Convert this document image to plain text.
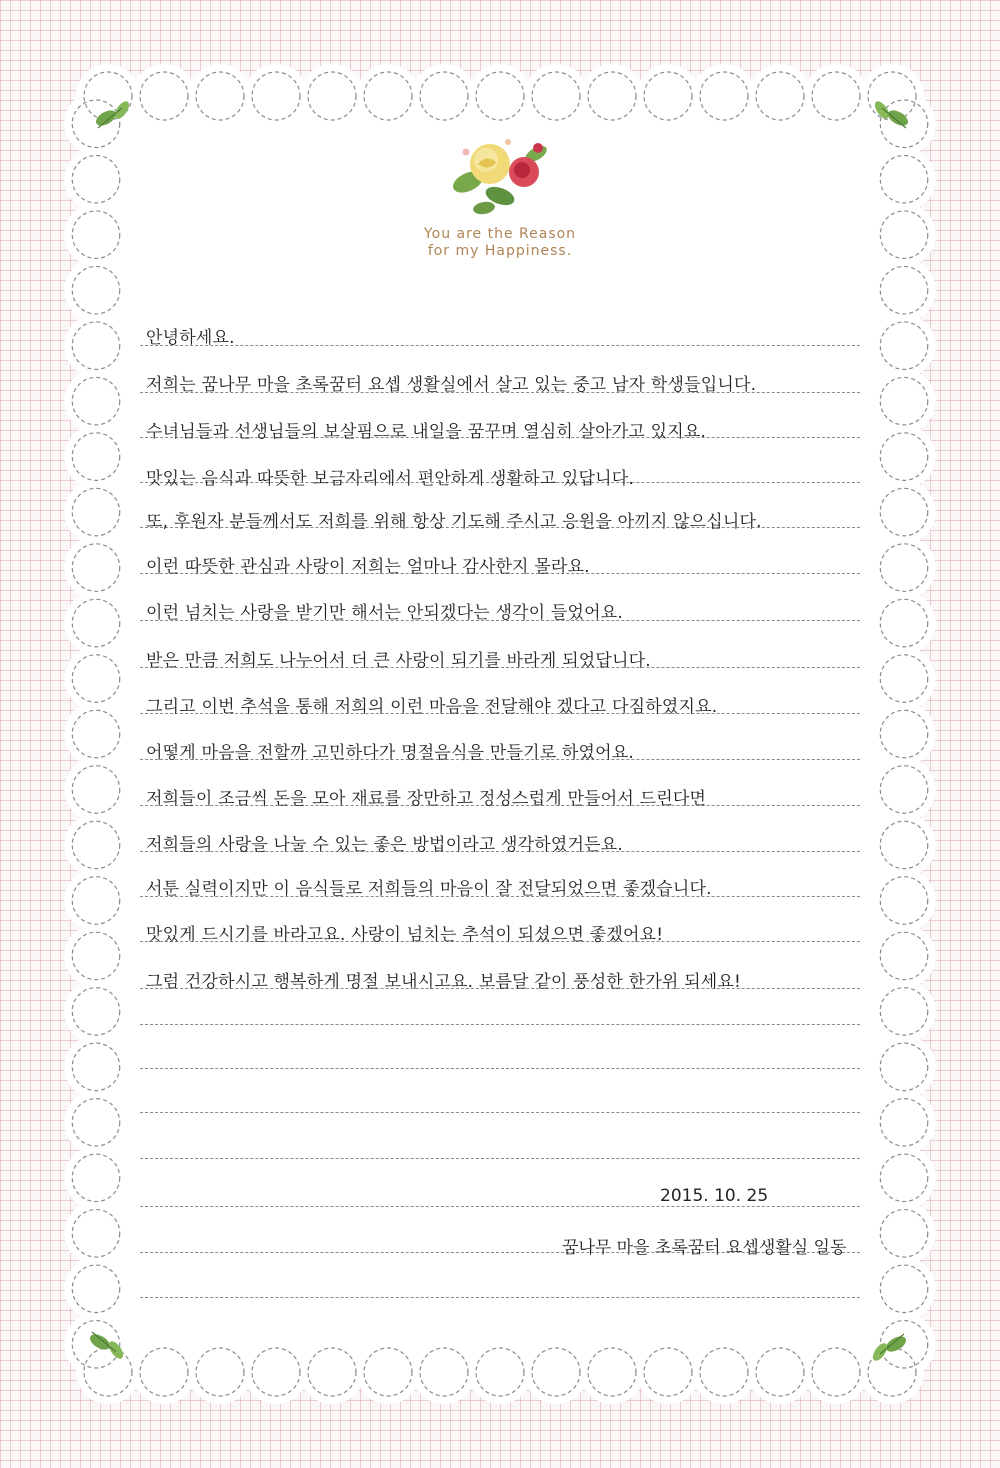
You are the Reason
for my Happiness.
안녕하세요.
저희는 꿈나무 마을 초록꿈터 요셉 생활실에서 살고 있는 중고 남자 학생들입니다.
수녀님들과 선생님들의 보살핌으로 내일을 꿈꾸며 열심히 살아가고 있지요.
맛있는 음식과 따뜻한 보금자리에서 편안하게 생활하고 있답니다.
또, 후원자 분들께서도 저희를 위해 항상 기도해 주시고 응원을 아끼지 않으십니다.
이런 따뜻한 관심과 사랑이 저희는 얼마나 감사한지 몰라요.
이런 넘치는 사랑을 받기만 해서는 안되겠다는 생각이 들었어요.
받은 만큼 저희도 나누어서 더 큰 사랑이 되기를 바라게 되었답니다.
그리고 이번 추석을 통해 저희의 이런 마음을 전달해야 겠다고 다짐하였지요.
어떻게 마음을 전할까 고민하다가 명절음식을 만들기로 하였어요.
저희들이 조금씩 돈을 모아 재료를 장만하고 정성스럽게 만들어서 드린다면
저희들의 사랑을 나눌 수 있는 좋은 방법이라고 생각하였거든요.
서툰 실력이지만 이 음식들로 저희들의 마음이 잘 전달되었으면 좋겠습니다.
맛있게 드시기를 바라고요. 사랑이 넘치는 추석이 되셨으면 좋겠어요!
그럼 건강하시고 행복하게 명절 보내시고요. 보름달 같이 풍성한 한가위 되세요!
2015. 10. 25
꿈나무 마을 초록꿈터 요셉생활실 일동
